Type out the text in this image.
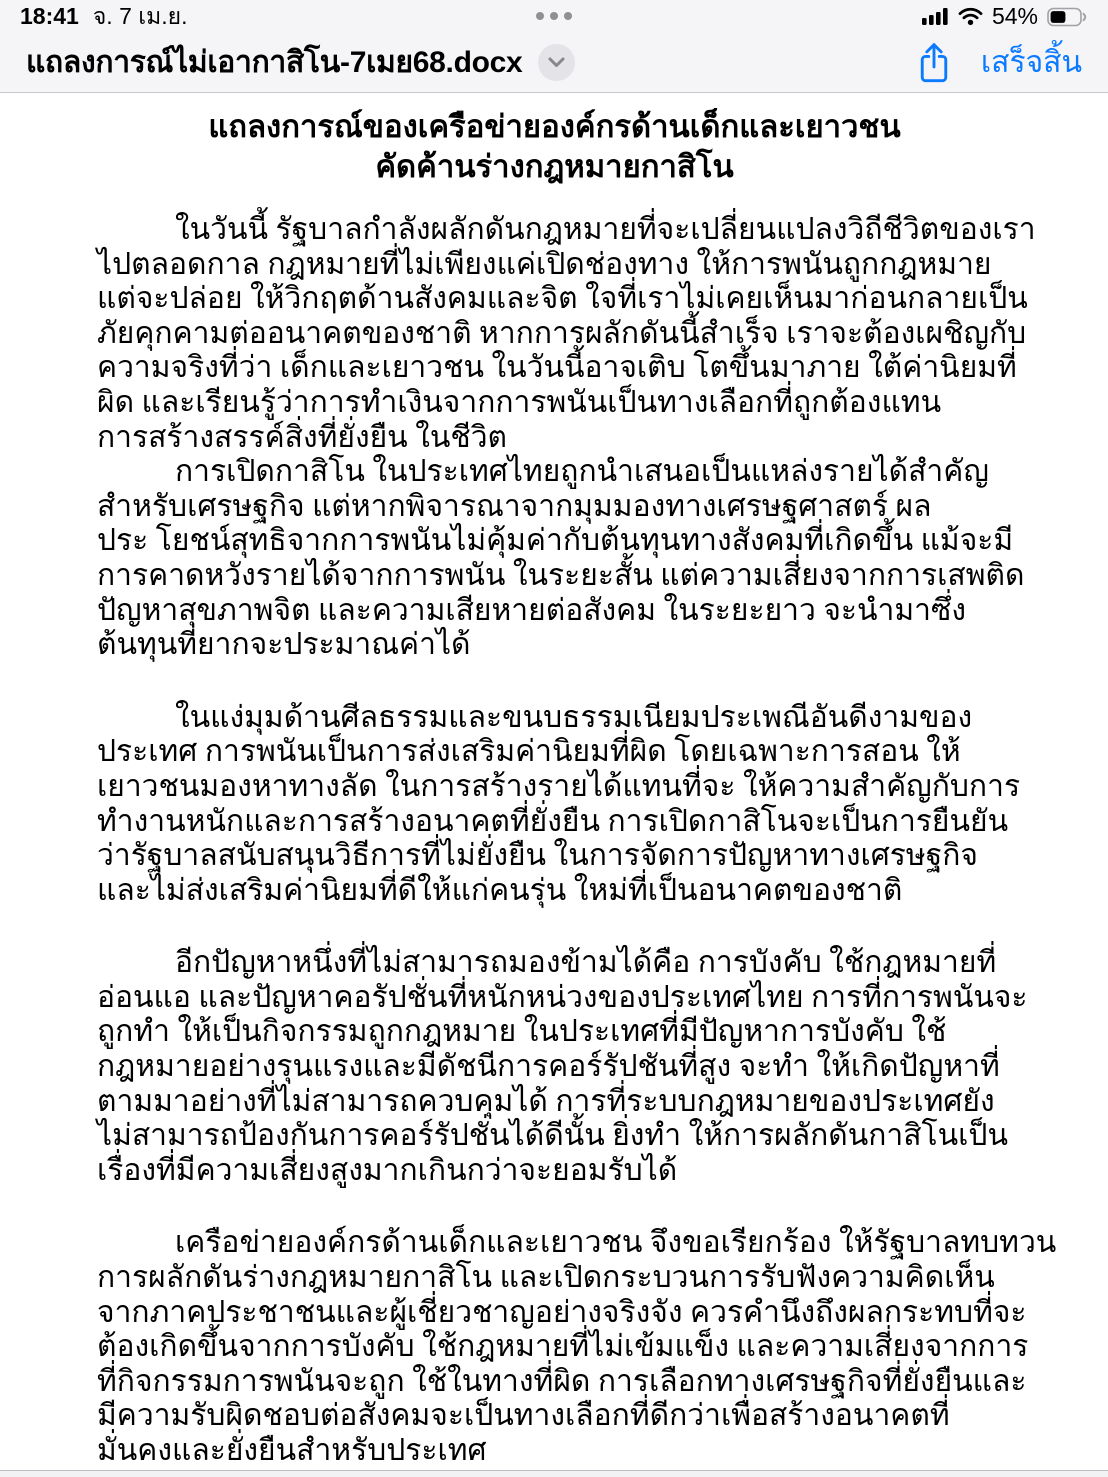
18:41 จ. 7 เม.ย.	54%
แถลงการณ์ไม่เอากาสิโน-7เมย68.docx	เสร็จสิ้น
แถลงการณ์ของเครือข่ายองค์กรด้านเด็กและเยาวชน
คัดค้านร่างกฎหมายกาสิโน
ในวันนี้ รัฐบาลกำลังผลักดันกฎหมายที่จะเปลี่ยนแปลงวิถีชีวิตของเรา
ไปตลอดกาล กฎหมายที่ไม่เพียงแค่เปิดช่องทาง ให้การพนันถูกกฎหมาย
แต่จะปล่อย ให้วิกฤตด้านสังคมและจิต ใจที่เราไม่เคยเห็นมาก่อนกลายเป็น
ภัยคุกคามต่ออนาคตของชาติ หากการผลักดันนี้สำเร็จ เราจะต้องเผชิญกับ
ความจริงที่ว่า เด็กและเยาวชน ในวันนี้อาจเติบ โตขึ้นมาภาย ใต้ค่านิยมที่
ผิด และเรียนรู้ว่าการทำเงินจากการพนันเป็นทางเลือกที่ถูกต้องแทน
การสร้างสรรค์สิ่งที่ยั่งยืน ในชีวิต
การเปิดกาสิโน ในประเทศไทยถูกนำเสนอเป็นแหล่งรายได้สำคัญ
สำหรับเศรษฐกิจ แต่หากพิจารณาจากมุมมองทางเศรษฐศาสตร์ ผล
ประ โยชน์สุทธิจากการพนันไม่คุ้มค่ากับต้นทุนทางสังคมที่เกิดขึ้น แม้จะมี
การคาดหวังรายได้จากการพนัน ในระยะสั้น แต่ความเสี่ยงจากการเสพติด
ปัญหาสุขภาพจิต และความเสียหายต่อสังคม ในระยะยาว จะนำมาซึ่ง
ต้นทุนที่ยากจะประมาณค่าได้
ในแง่มุมด้านศีลธรรมและขนบธรรมเนียมประเพณีอันดีงามของ
ประเทศ การพนันเป็นการส่งเสริมค่านิยมที่ผิด โดยเฉพาะการสอน ให้
เยาวชนมองหาทางลัด ในการสร้างรายได้แทนที่จะ ให้ความสำคัญกับการ
ทำงานหนักและการสร้างอนาคตที่ยั่งยืน การเปิดกาสิโนจะเป็นการยืนยัน
ว่ารัฐบาลสนับสนุนวิธีการที่ไม่ยั่งยืน ในการจัดการปัญหาทางเศรษฐกิจ
และไม่ส่งเสริมค่านิยมที่ดีให้แก่คนรุ่น ใหม่ที่เป็นอนาคตของชาติ
อีกปัญหาหนึ่งที่ไม่สามารถมองข้ามได้คือ การบังคับ ใช้กฎหมายที่
อ่อนแอ และปัญหาคอรัปชั่นที่หนักหน่วงของประเทศไทย การที่การพนันจะ
ถูกทำ ให้เป็นกิจกรรมถูกกฎหมาย ในประเทศที่มีปัญหาการบังคับ ใช้
กฎหมายอย่างรุนแรงและมีดัชนีการคอร์รัปชันที่สูง จะทำ ให้เกิดปัญหาที่
ตามมาอย่างที่ไม่สามารถควบคุมได้ การที่ระบบกฎหมายของประเทศยัง
ไม่สามารถป้องกันการคอร์รัปชั่นได้ดีนั้น ยิ่งทำ ให้การผลักดันกาสิโนเป็น
เรื่องที่มีความเสี่ยงสูงมากเกินกว่าจะยอมรับได้
เครือข่ายองค์กรด้านเด็กและเยาวชน จึงขอเรียกร้อง ให้รัฐบาลทบทวน
การผลักดันร่างกฎหมายกาสิโน และเปิดกระบวนการรับฟังความคิดเห็น
จากภาคประชาชนและผู้เชี่ยวชาญอย่างจริงจัง ควรคำนึงถึงผลกระทบที่จะ
ต้องเกิดขึ้นจากการบังคับ ใช้กฎหมายที่ไม่เข้มแข็ง และความเสี่ยงจากการ
ที่กิจกรรมการพนันจะถูก ใช้ในทางที่ผิด การเลือกทางเศรษฐกิจที่ยั่งยืนและ
มีความรับผิดชอบต่อสังคมจะเป็นทางเลือกที่ดีกว่าเพื่อสร้างอนาคตที่
มั่นคงและยั่งยืนสำหรับประเทศ
